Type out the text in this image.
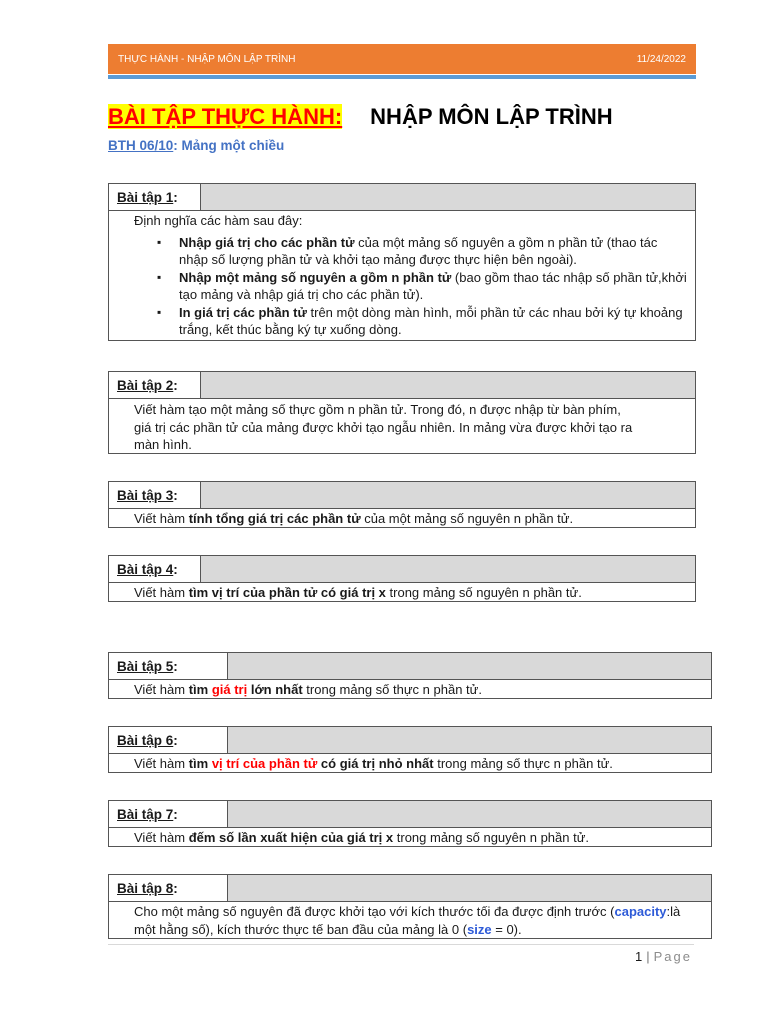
THỰC HÀNH - NHẬP MÔN LẬP TRÌNH	11/24/2022
BÀI TẬP THỰC HÀNH: NHẬP MÔN LẬP TRÌNH
BTH 06/10: Mảng một chiều
Bài tập 1 :
Định nghĩa các hàm sau đây:
▪ Nhập giá trị cho các phần tử của một mảng số nguyên a gồm n phần tử (thao tác nhập số lượng phần tử và khởi tạo mảng được thực hiện bên ngoài).
▪ Nhập một mảng số nguyên a gồm n phần tử (bao gồm thao tác nhập số phần tử,khởi tạo mảng và nhập giá trị cho các phần tử).
▪ In giá trị các phần tử trên một dòng màn hình, mỗi phần tử các nhau bởi ký tự khoảng trắng, kết thúc bằng ký tự xuống dòng.
Bài tập 2 :
Viết hàm tạo một mảng số thực gồm n phần tử. Trong đó, n được nhập từ bàn phím, giá trị các phần tử của mảng được khởi tạo ngẫu nhiên. In mảng vừa được khởi tạo ra màn hình.
Bài tập 3 :
Viết hàm tính tổng giá trị các phần tử của một mảng số nguyên n phần tử.
Bài tập 4 :
Viết hàm tìm vị trí của phần tử có giá trị x trong mảng số nguyên n phần tử.
Bài tập 5 :
Viết hàm tìm giá trị lớn nhất trong mảng số thực n phần tử.
Bài tập 6 :
Viết hàm tìm vị trí của phần tử có giá trị nhỏ nhất trong mảng số thực n phần tử.
Bài tập 7 :
Viết hàm đếm số lần xuất hiện của giá trị x trong mảng số nguyên n phần tử.
Bài tập 8 :
Cho một mảng số nguyên đã được khởi tạo với kích thước tối đa được định trước (capacity:là một hằng số), kích thước thực tế ban đầu của mảng là 0 (size = 0).
1 | Page
